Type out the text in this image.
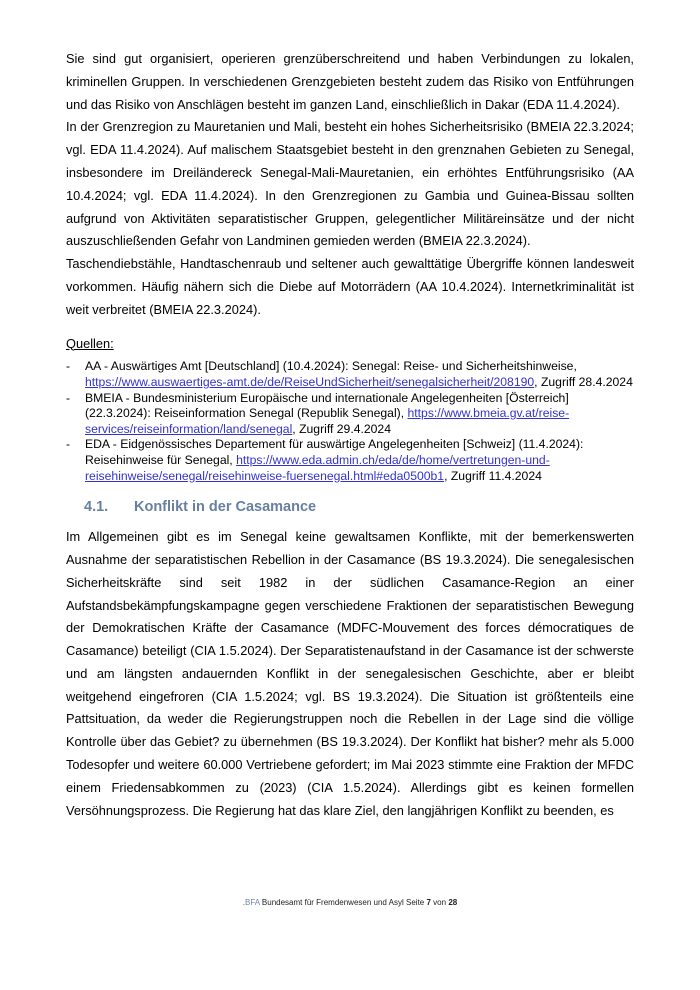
Sie sind gut organisiert, operieren grenzüberschreitend und haben Verbindungen zu lokalen, kriminellen Gruppen. In verschiedenen Grenzgebieten besteht zudem das Risiko von Entführungen und das Risiko von Anschlägen besteht im ganzen Land, einschließlich in Dakar (EDA 11.4.2024).

In der Grenzregion zu Mauretanien und Mali, besteht ein hohes Sicherheitsrisiko (BMEIA 22.3.2024; vgl. EDA 11.4.2024). Auf malischem Staatsgebiet besteht in den grenznahen Gebieten zu Senegal, insbesondere im Dreiländereck Senegal-Mali-Mauretanien, ein erhöhtes Entführungsrisiko (AA 10.4.2024; vgl. EDA 11.4.2024). In den Grenzregionen zu Gambia und Guinea-Bissau sollten aufgrund von Aktivitäten separatistischer Gruppen, gelegentlicher Militäreinsätze und der nicht auszuschließenden Gefahr von Landminen gemieden werden (BMEIA 22.3.2024).

Taschendiebstähle, Handtaschenraub und seltener auch gewalttätige Übergriffe können landesweit vorkommen. Häufig nähern sich die Diebe auf Motorrädern (AA 10.4.2024). Internetkriminalität ist weit verbreitet (BMEIA 22.3.2024).

Quellen:

-	AA - Auswärtiges Amt [Deutschland] (10.4.2024): Senegal: Reise- und Sicherheitshinweise, https://www.auswaertiges-amt.de/de/ReiseUndSicherheit/senegalsicherheit/208190, Zugriff 28.4.2024
-	BMEIA - Bundesministerium Europäische und internationale Angelegenheiten [Österreich] (22.3.2024): Reiseinformation Senegal (Republik Senegal), https://www.bmeia.gv.at/reise-services/reiseinformation/land/senegal, Zugriff 29.4.2024
-	EDA - Eidgenössisches Departement für auswärtige Angelegenheiten [Schweiz] (11.4.2024): Reisehinweise für Senegal, https://www.eda.admin.ch/eda/de/home/vertretungen-und-reisehinweise/senegal/reisehinweise-fuersenegal.html#eda0500b1, Zugriff 11.4.2024
4.1.	Konflikt in der Casamance

Im Allgemeinen gibt es im Senegal keine gewaltsamen Konflikte, mit der bemerkenswerten Ausnahme der separatistischen Rebellion in der Casamance (BS 19.3.2024). Die senegalesischen Sicherheitskräfte sind seit 1982 in der südlichen Casamance-Region an einer Aufstandsbekämpfungskampagne gegen verschiedene Fraktionen der separatistischen Bewegung der Demokratischen Kräfte der Casamance (MDFC-Mouvement des forces démocratiques de Casamance) beteiligt (CIA 1.5.2024). Der Separatistenaufstand in der Casamance ist der schwerste und am längsten andauernden Konflikt in der senegalesischen Geschichte, aber er bleibt weitgehend eingefroren (CIA 1.5.2024; vgl. BS 19.3.2024). Die Situation ist größtenteils eine Pattsituation, da weder die Regierungstruppen noch die Rebellen in der Lage sind die völlige Kontrolle über das Gebiet? zu übernehmen (BS 19.3.2024). Der Konflikt hat bisher? mehr als 5.000 Todesopfer und weitere 60.000 Vertriebene gefordert; im Mai 2023 stimmte eine Fraktion der MFDC einem Friedensabkommen zu (2023) (CIA 1.5.2024). Allerdings gibt es keinen formellen Versöhnungsprozess. Die Regierung hat das klare Ziel, den langjährigen Konflikt zu beenden, es

.BFA Bundesamt für Fremdenwesen und Asyl Seite 7 von 28
